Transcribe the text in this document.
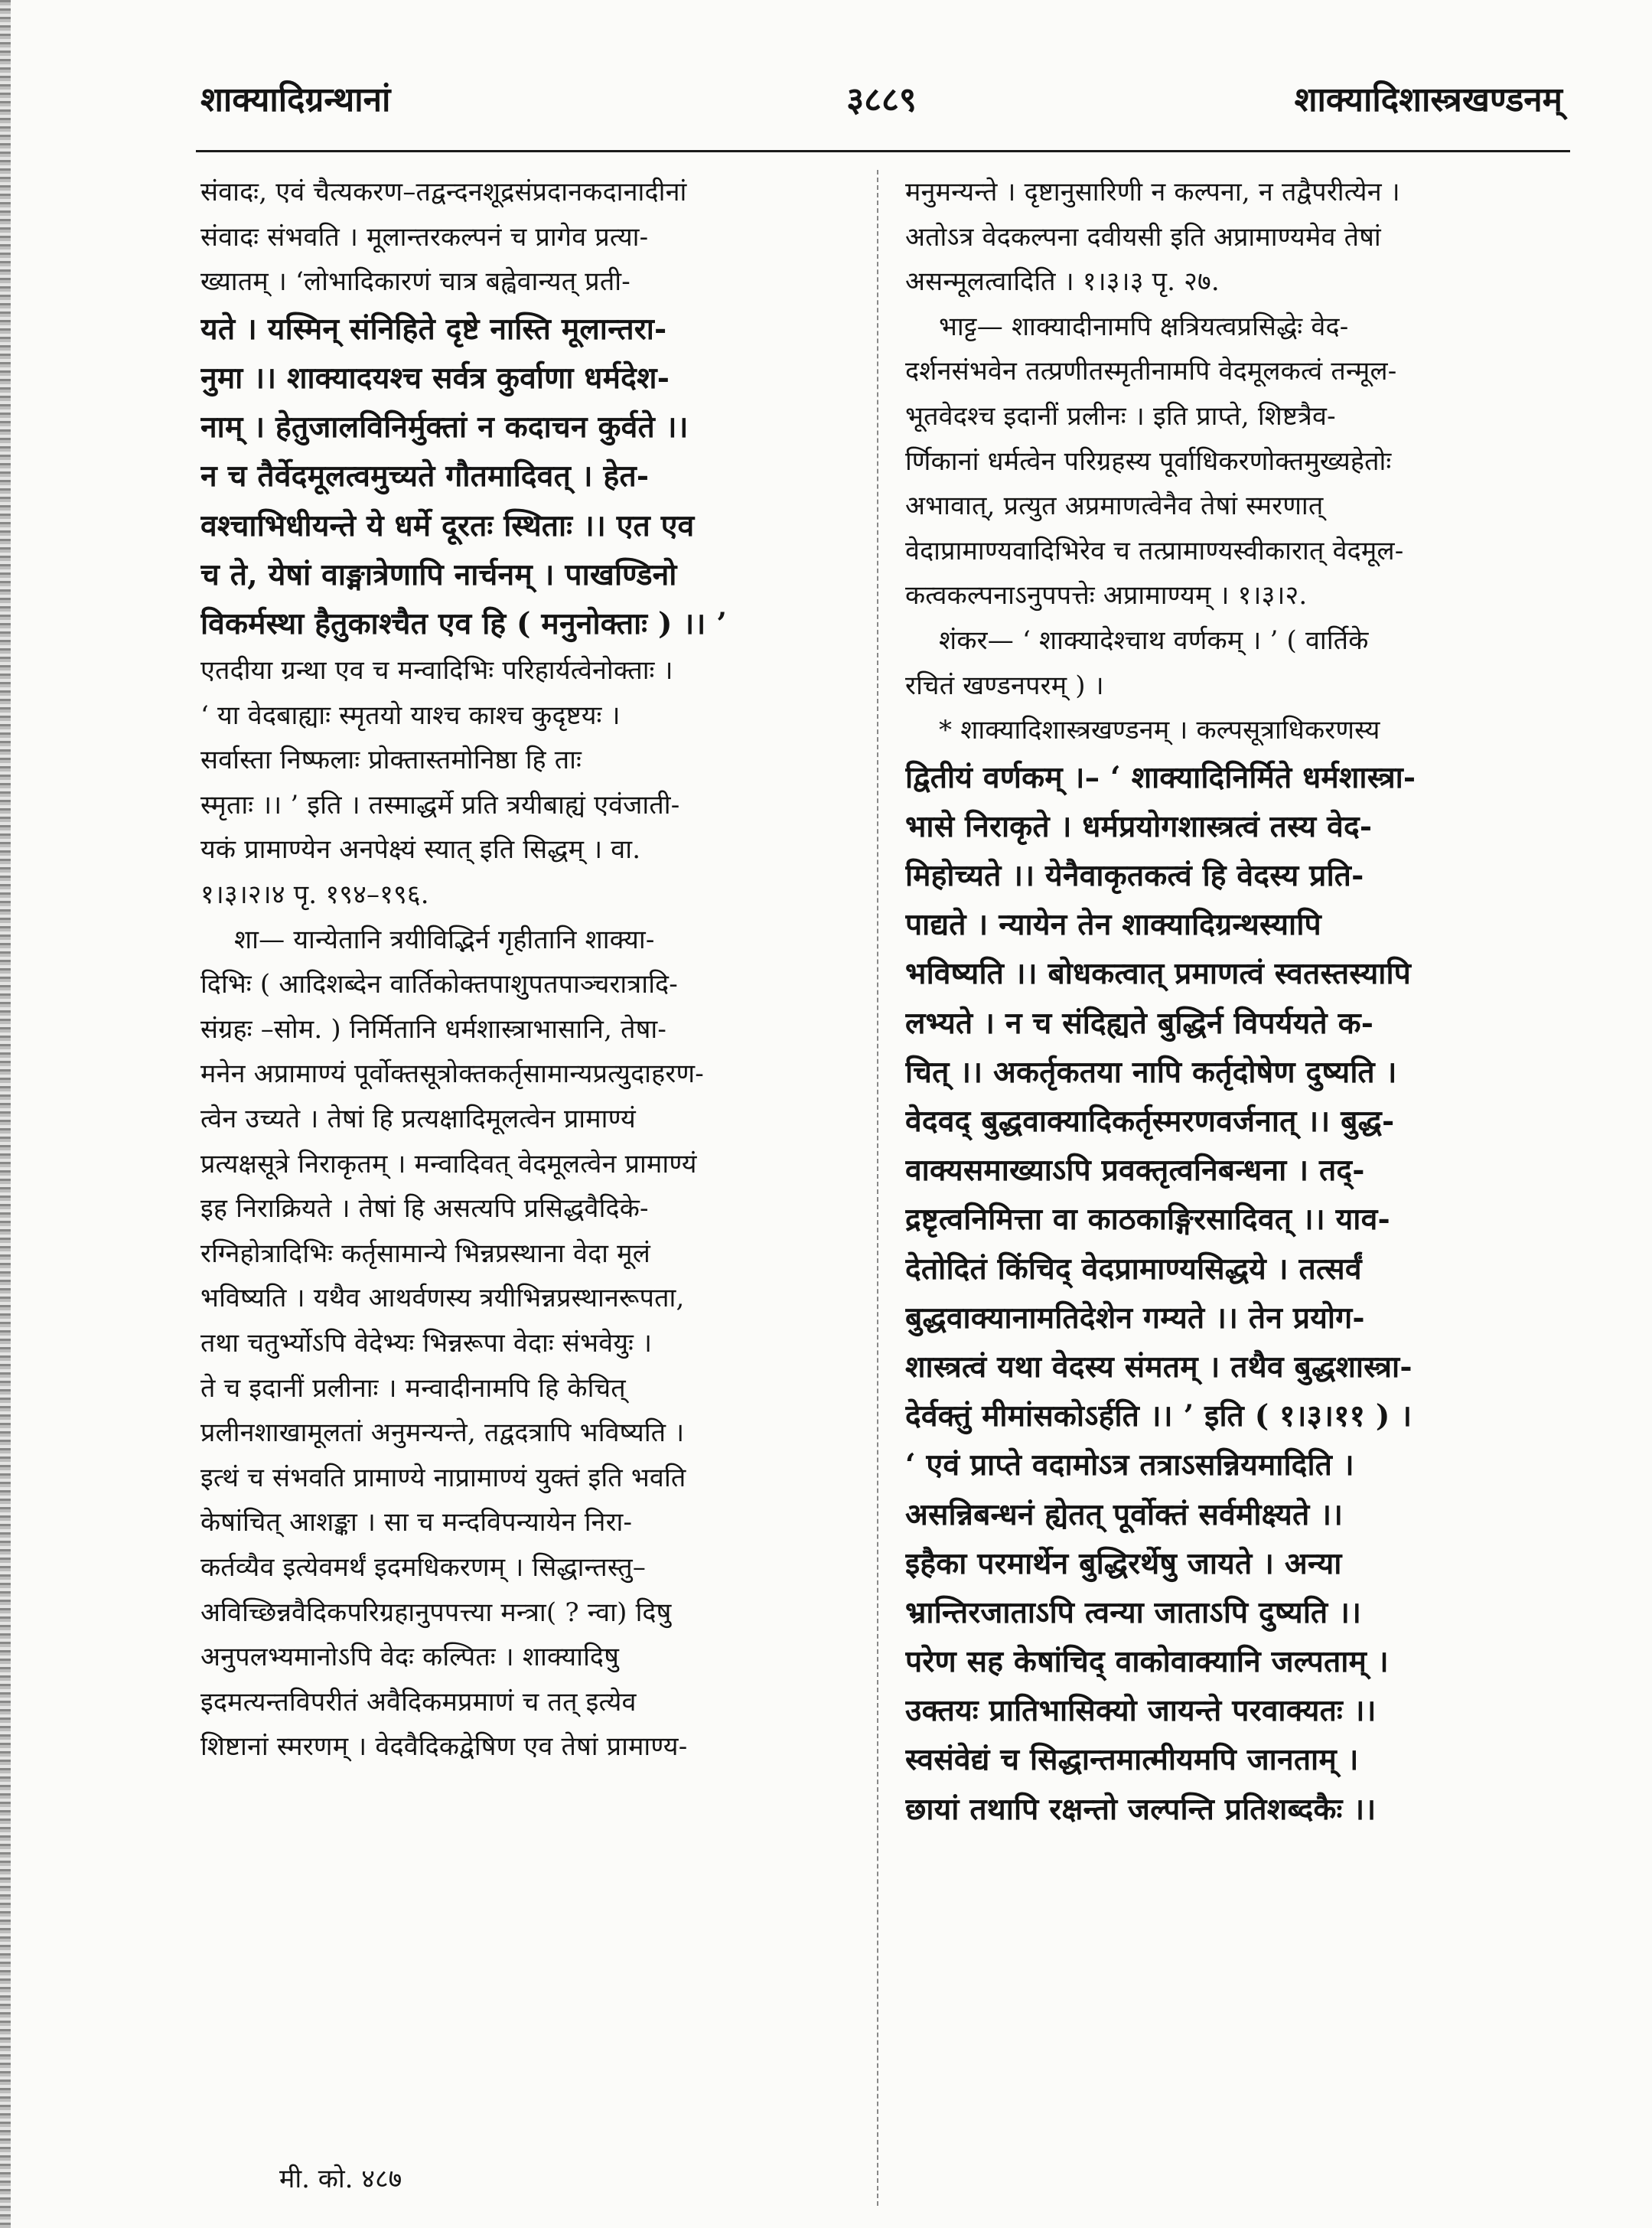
शाक्यादिग्रन्थानां	३८८९	शाक्यादिशास्त्रखण्डनम्
संवादः, एवं चैत्यकरण–तद्वन्दनशूद्रसंप्रदानकदानादीनां
संवादः संभवति । मूलान्तरकल्पनं च प्रागेव प्रत्या-
ख्यातम् । ‘लोभादिकारणं चात्र बह्वेवान्यत् प्रती-
यते । यस्मिन् संनिहिते दृष्टे नास्ति मूलान्तरा-
नुमा ।। शाक्यादयश्च सर्वत्र कुर्वाणा धर्मदेश-
नाम् । हेतुजालविनिर्मुक्तां न कदाचन कुर्वते ।।
न च तैर्वेदमूलत्वमुच्यते गौतमादिवत् । हेत-
वश्चाभिधीयन्ते ये धर्मे दूरतः स्थिताः ।। एत एव
च ते, येषां वाङ्मात्रेणापि नार्चनम् । पाखण्डिनो
विकर्मस्था हैतुकाश्चैत एव हि ( मनुनोक्ताः ) ।। ’
एतदीया ग्रन्था एव च मन्वादिभिः परिहार्यत्वेनोक्ताः ।
‘ या वेदबाह्याः स्मृतयो याश्च काश्च कुदृष्टयः ।
सर्वास्ता निष्फलाः प्रोक्तास्तमोनिष्ठा हि ताः
स्मृताः ।। ’ इति । तस्माद्धर्मे प्रति त्रयीबाह्यं एवंजाती-
यकं प्रामाण्येन अनपेक्ष्यं स्यात् इति सिद्धम् । वा.
१।३।२।४ पृ. १९४–१९६.
शा— यान्येतानि त्रयीविद्भिर्न गृहीतानि शाक्या-
दिभिः ( आदिशब्देन वार्तिकोक्तपाशुपतपाञ्चरात्रादि-
संग्रहः –सोम. ) निर्मितानि धर्मशास्त्राभासानि, तेषा-
मनेन अप्रामाण्यं पूर्वोक्तसूत्रोक्तकर्तृसामान्यप्रत्युदाहरण-
त्वेन उच्यते । तेषां हि प्रत्यक्षादिमूलत्वेन प्रामाण्यं
प्रत्यक्षसूत्रे निराकृतम् । मन्वादिवत् वेदमूलत्वेन प्रामाण्यं
इह निराक्रियते । तेषां हि असत्यपि प्रसिद्धवैदिके-
रग्निहोत्रादिभिः कर्तृसामान्ये भिन्नप्रस्थाना वेदा मूलं
भविष्यति । यथैव आथर्वणस्य त्रयीभिन्नप्रस्थानरूपता,
तथा चतुर्भ्योऽपि वेदेभ्यः भिन्नरूपा वेदाः संभवेयुः ।
ते च इदानीं प्रलीनाः । मन्वादीनामपि हि केचित्
प्रलीनशाखामूलतां अनुमन्यन्ते, तद्वदत्रापि भविष्यति ।
इत्थं च संभवति प्रामाण्ये नाप्रामाण्यं युक्तं इति भवति
केषांचित् आशङ्का । सा च मन्दविपन्यायेन निरा-
कर्तव्यैव इत्येवमर्थं इदमधिकरणम् । सिद्धान्तस्तु–
अविच्छिन्नवैदिकपरिग्रहानुपपत्त्या मन्त्रा( ? न्वा) दिषु
अनुपलभ्यमानोऽपि वेदः कल्पितः । शाक्यादिषु
इदमत्यन्तविपरीतं अवैदिकमप्रमाणं च तत् इत्येव
शिष्टानां स्मरणम् । वेदवैदिकद्वेषिण एव तेषां प्रामाण्य-
मनुमन्यन्ते । दृष्टानुसारिणी न कल्पना, न तद्वैपरीत्येन ।
अतोऽत्र वेदकल्पना दवीयसी इति अप्रामाण्यमेव तेषां
असन्मूलत्वादिति । १।३।३ पृ. २७.
भाट्ट— शाक्यादीनामपि क्षत्रियत्वप्रसिद्धेः वेद-
दर्शनसंभवेन तत्प्रणीतस्मृतीनामपि वेदमूलकत्वं तन्मूल-
भूतवेदश्च इदानीं प्रलीनः । इति प्राप्ते, शिष्टत्रैव-
र्णिकानां धर्मत्वेन परिग्रहस्य पूर्वाधिकरणोक्तमुख्यहेतोः
अभावात्, प्रत्युत अप्रमाणत्वेनैव तेषां स्मरणात्
वेदाप्रामाण्यवादिभिरेव च तत्प्रामाण्यस्वीकारात् वेदमूल-
कत्वकल्पनाऽनुपपत्तेः अप्रामाण्यम् । १।३।२.
शंकर— ‘ शाक्यादेश्चाथ वर्णकम् । ’ ( वार्तिके
रचितं खण्डनपरम् ) ।
* शाक्यादिशास्त्रखण्डनम् । कल्पसूत्राधिकरणस्य
द्वितीयं वर्णकम् ।– ‘ शाक्यादिनिर्मिते धर्मशास्त्रा-
भासे निराकृते । धर्मप्रयोगशास्त्रत्वं तस्य वेद-
मिहोच्यते ।। येनैवाकृतकत्वं हि वेदस्य प्रति-
पाद्यते । न्यायेन तेन शाक्यादिग्रन्थस्यापि
भविष्यति ।। बोधकत्वात् प्रमाणत्वं स्वतस्तस्यापि
लभ्यते । न च संदिह्यते बुद्धिर्न विपर्ययते क-
चित् ।। अकर्तृकतया नापि कर्तृदोषेण दुष्यति ।
वेदवद् बुद्धवाक्यादिकर्तृस्मरणवर्जनात् ।। बुद्ध-
वाक्यसमाख्याऽपि प्रवक्तृत्वनिबन्धना । तद्-
द्रष्टृत्वनिमित्ता वा काठकाङ्गिरसादिवत् ।। याव-
देतोदितं किंचिद् वेदप्रामाण्यसिद्धये । तत्सर्वं
बुद्धवाक्यानामतिदेशेन गम्यते ।। तेन प्रयोग-
शास्त्रत्वं यथा वेदस्य संमतम् । तथैव बुद्धशास्त्रा-
देर्वक्तुं मीमांसकोऽर्हति ।। ’ इति ( १।३।११ ) ।
‘ एवं प्राप्ते वदामोऽत्र तत्राऽसन्नियमादिति ।
असन्निबन्धनं ह्येतत् पूर्वोक्तं सर्वमीक्ष्यते ।।
इहैका परमार्थेन बुद्धिरर्थेषु जायते । अन्या
भ्रान्तिरजाताऽपि त्वन्या जाताऽपि दुष्यति ।।
परेण सह केषांचिद् वाकोवाक्यानि जल्पताम् ।
उक्तयः प्रातिभासिक्यो जायन्ते परवाक्यतः ।।
स्वसंवेद्यं च सिद्धान्तमात्मीयमपि जानताम् ।
छायां तथापि रक्षन्तो जल्पन्ति प्रतिशब्दकैः ।।
मी. को. ४८७
